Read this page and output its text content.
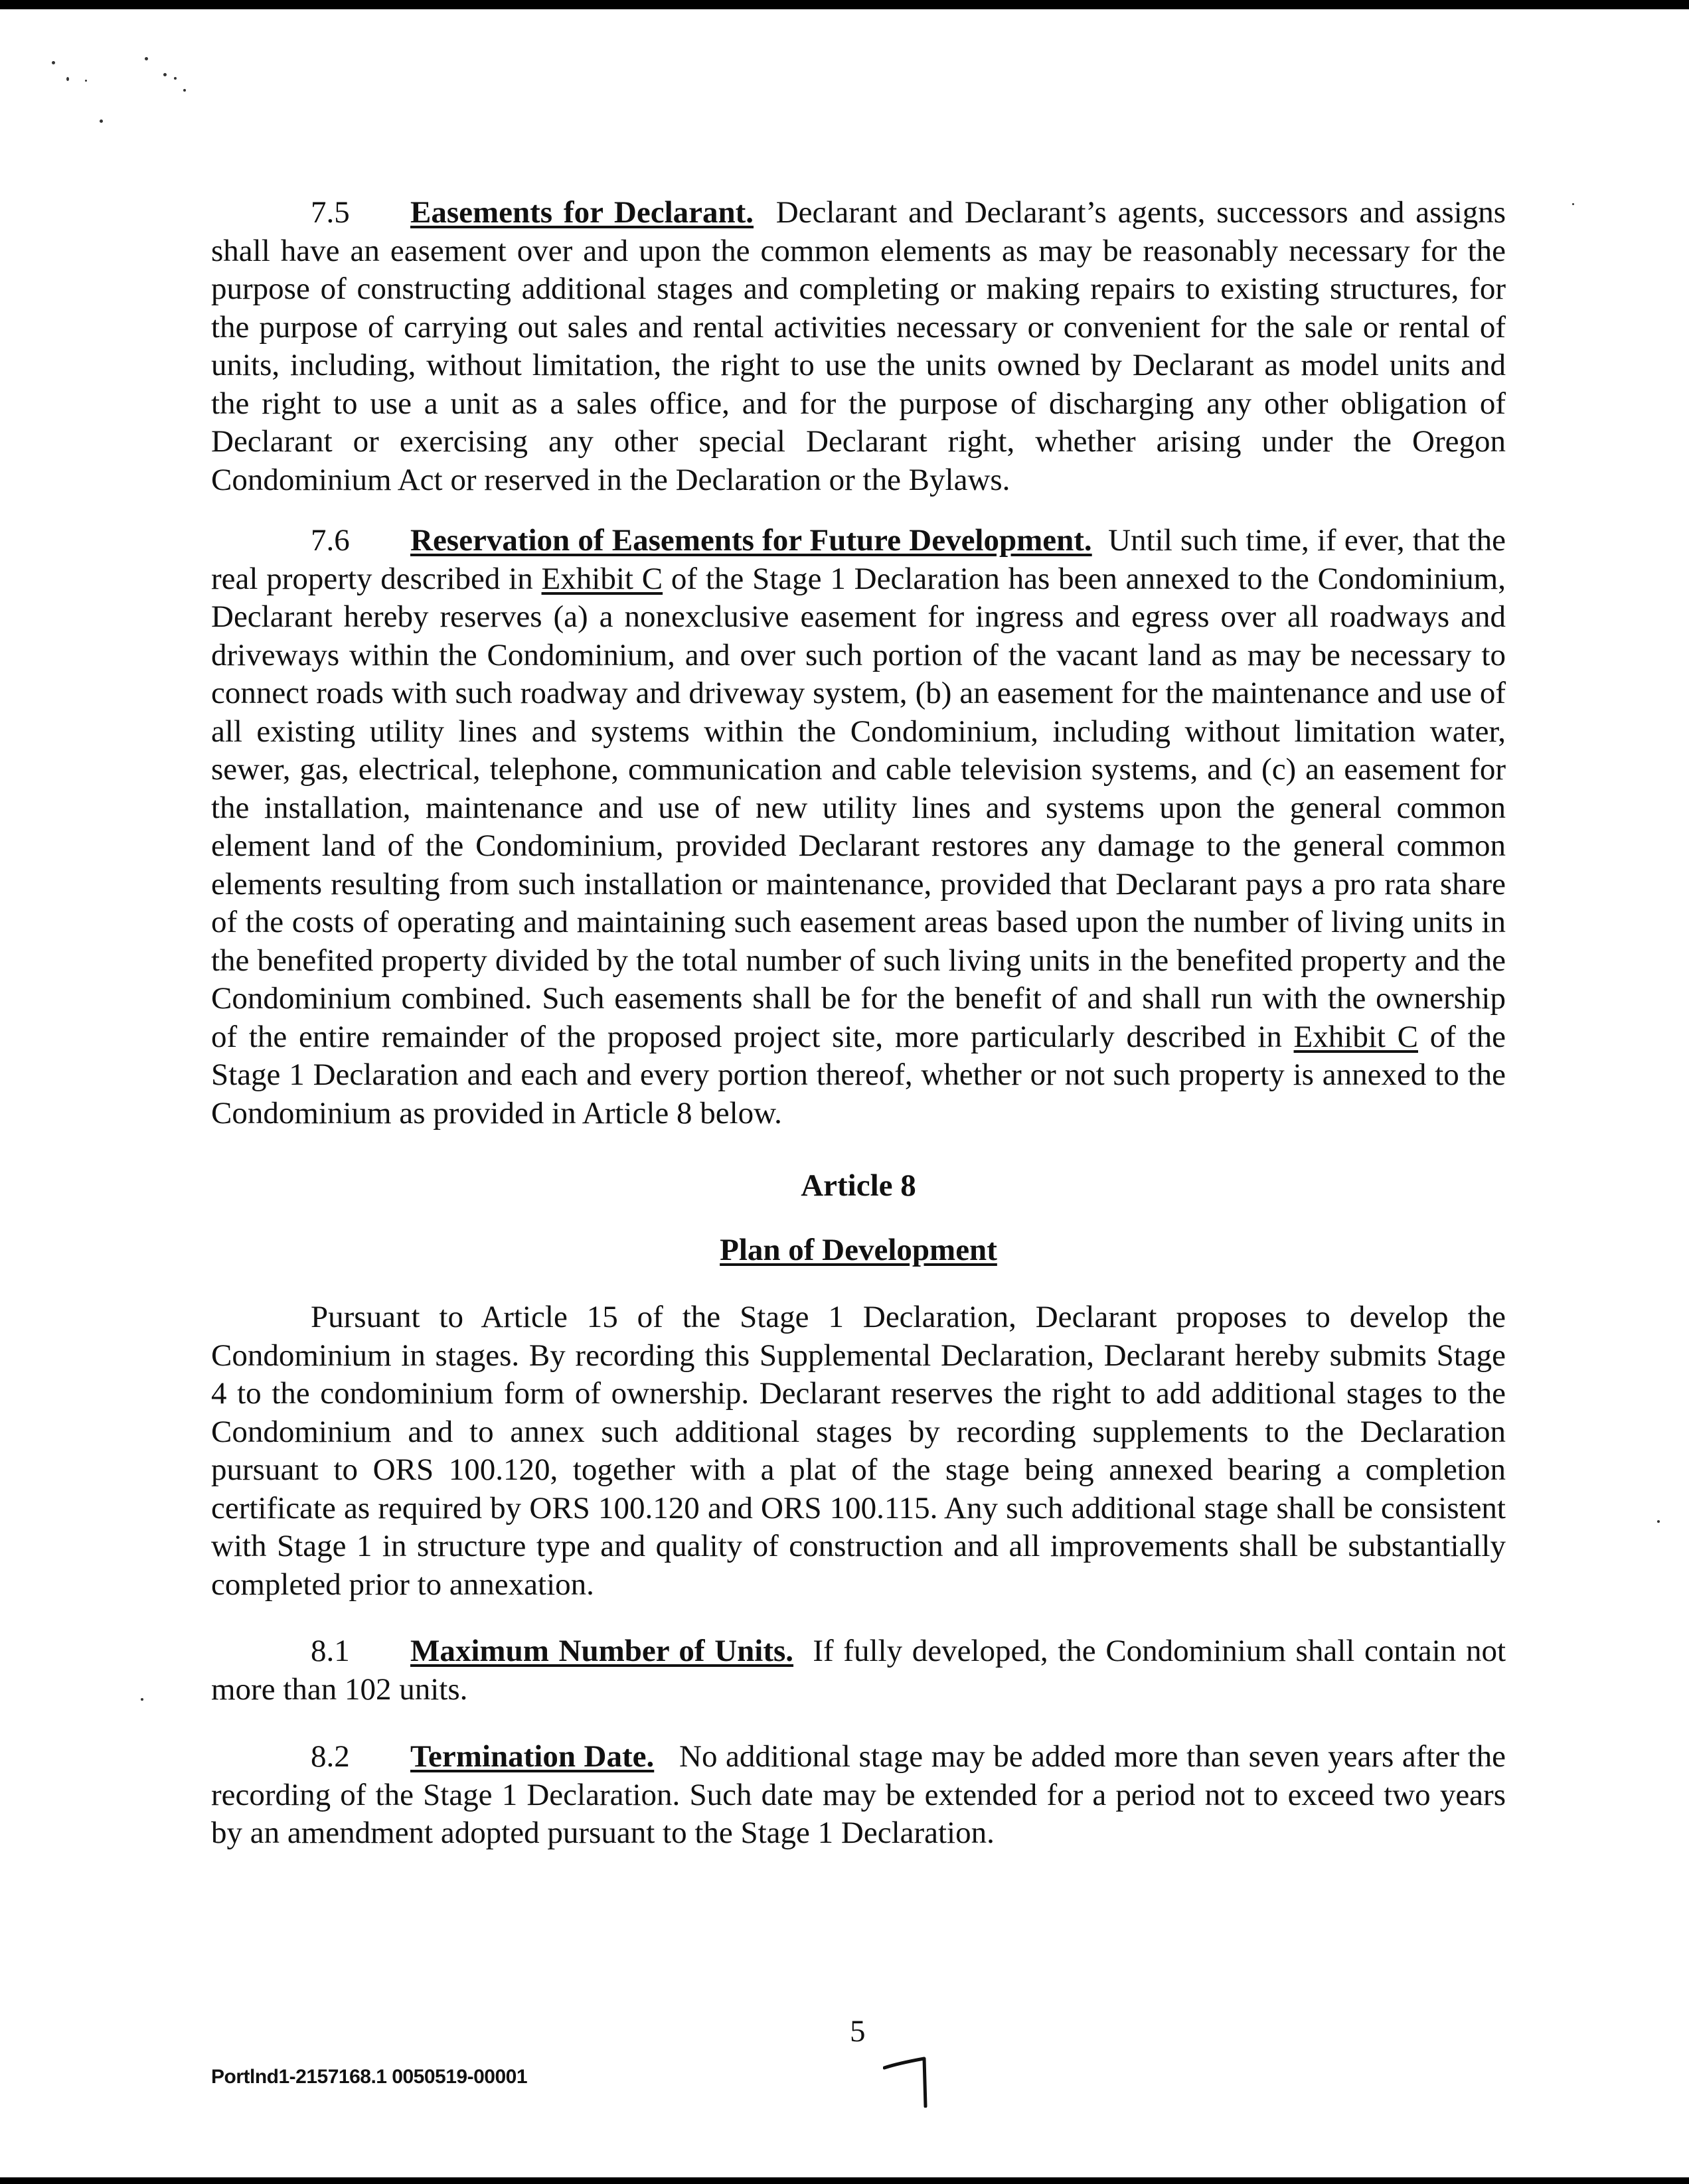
7.5 Easements for Declarant. Declarant and Declarant’s agents, successors and assigns shall have an easement over and upon the common elements as may be reasonably necessary for the purpose of constructing additional stages and completing or making repairs to existing structures, for the purpose of carrying out sales and rental activities necessary or convenient for the sale or rental of units, including, without limitation, the right to use the units owned by Declarant as model units and the right to use a unit as a sales office, and for the purpose of discharging any other obligation of Declarant or exercising any other special Declarant right, whether arising under the Oregon Condominium Act or reserved in the Declaration or the Bylaws.

7.6 Reservation of Easements for Future Development. Until such time, if ever, that the real property described in Exhibit C of the Stage 1 Declaration has been annexed to the Condominium, Declarant hereby reserves (a) a nonexclusive easement for ingress and egress over all roadways and driveways within the Condominium, and over such portion of the vacant land as may be necessary to connect roads with such roadway and driveway system, (b) an easement for the maintenance and use of all existing utility lines and systems within the Condominium, including without limitation water, sewer, gas, electrical, telephone, communication and cable television systems, and (c) an easement for the installation, maintenance and use of new utility lines and systems upon the general common element land of the Condominium, provided Declarant restores any damage to the general common elements resulting from such installation or maintenance, provided that Declarant pays a pro rata share of the costs of operating and maintaining such easement areas based upon the number of living units in the benefited property divided by the total number of such living units in the benefited property and the Condominium combined. Such easements shall be for the benefit of and shall run with the ownership of the entire remainder of the proposed project site, more particularly described in Exhibit C of the Stage 1 Declaration and each and every portion thereof, whether or not such property is annexed to the Condominium as provided in Article 8 below.

Article 8
Plan of Development

Pursuant to Article 15 of the Stage 1 Declaration, Declarant proposes to develop the Condominium in stages. By recording this Supplemental Declaration, Declarant hereby submits Stage 4 to the condominium form of ownership. Declarant reserves the right to add additional stages to the Condominium and to annex such additional stages by recording supplements to the Declaration pursuant to ORS 100.120, together with a plat of the stage being annexed bearing a completion certificate as required by ORS 100.120 and ORS 100.115. Any such additional stage shall be consistent with Stage 1 in structure type and quality of construction and all improvements shall be substantially completed prior to annexation.

8.1 Maximum Number of Units. If fully developed, the Condominium shall contain not more than 102 units.

8.2 Termination Date. No additional stage may be added more than seven years after the recording of the Stage 1 Declaration. Such date may be extended for a period not to exceed two years by an amendment adopted pursuant to the Stage 1 Declaration.

5
Portlnd1-2157168.1 0050519-00001
